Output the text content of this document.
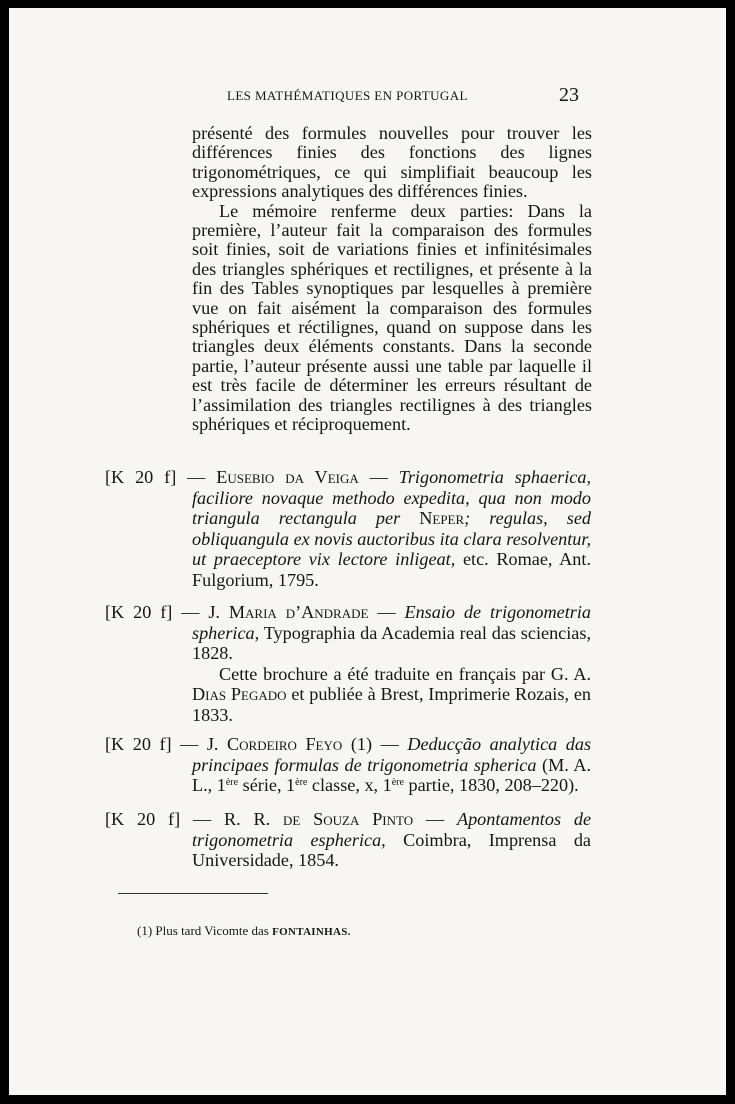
LES MATHÉMATIQUES EN PORTUGAL	23

présenté des formules nouvelles pour trouver les différences finies des fonctions des lignes trigonométriques, ce qui simplifiait beaucoup les expressions analytiques des différences finies.

Le mémoire renferme deux parties: Dans la première, l’auteur fait la comparaison des formules soit finies, soit de variations finies et infinitésimales des triangles sphériques et rectilignes, et présente à la fin des Tables synoptiques par lesquelles à première vue on fait aisément la comparaison des formules sphériques et réctilignes, quand on suppose dans les triangles deux éléments constants. Dans la seconde partie, l’auteur présente aussi une table par laquelle il est très facile de déterminer les erreurs résultant de l’assimilation des triangles rectilignes à des triangles sphériques et réciproquement.

[K 20 f] — Eusebio da Veiga — Trigonometria sphaerica, faciliore novaque methodo expedita, qua non modo triangula rectangula per Neper; regulas, sed obliquangula ex novis auctoribus ita clara resolventur, ut praeceptore vix lectore inligeat, etc. Romae, Ant. Fulgorium, 1795.

[K 20 f] — J. Maria d’Andrade — Ensaio de trigonometria spherica, Typographia da Academia real das sciencias, 1828.

Cette brochure a été traduite en français par G. A. Dias Pegado et publiée à Brest, Imprimerie Rozais, en 1833.

[K 20 f] — J. Cordeiro Feyo (1) — Deducção analytica das principaes formulas de trigonometria spherica (M. A. L., 1ère série, 1ère classe, x, 1ère partie, 1830, 208–220).

[K 20 f] — R. R. de Souza Pinto — Apontamentos de trigonometria espherica, Coimbra, Imprensa da Universidade, 1854.

(1) Plus tard Vicomte das FONTAINHAS.
